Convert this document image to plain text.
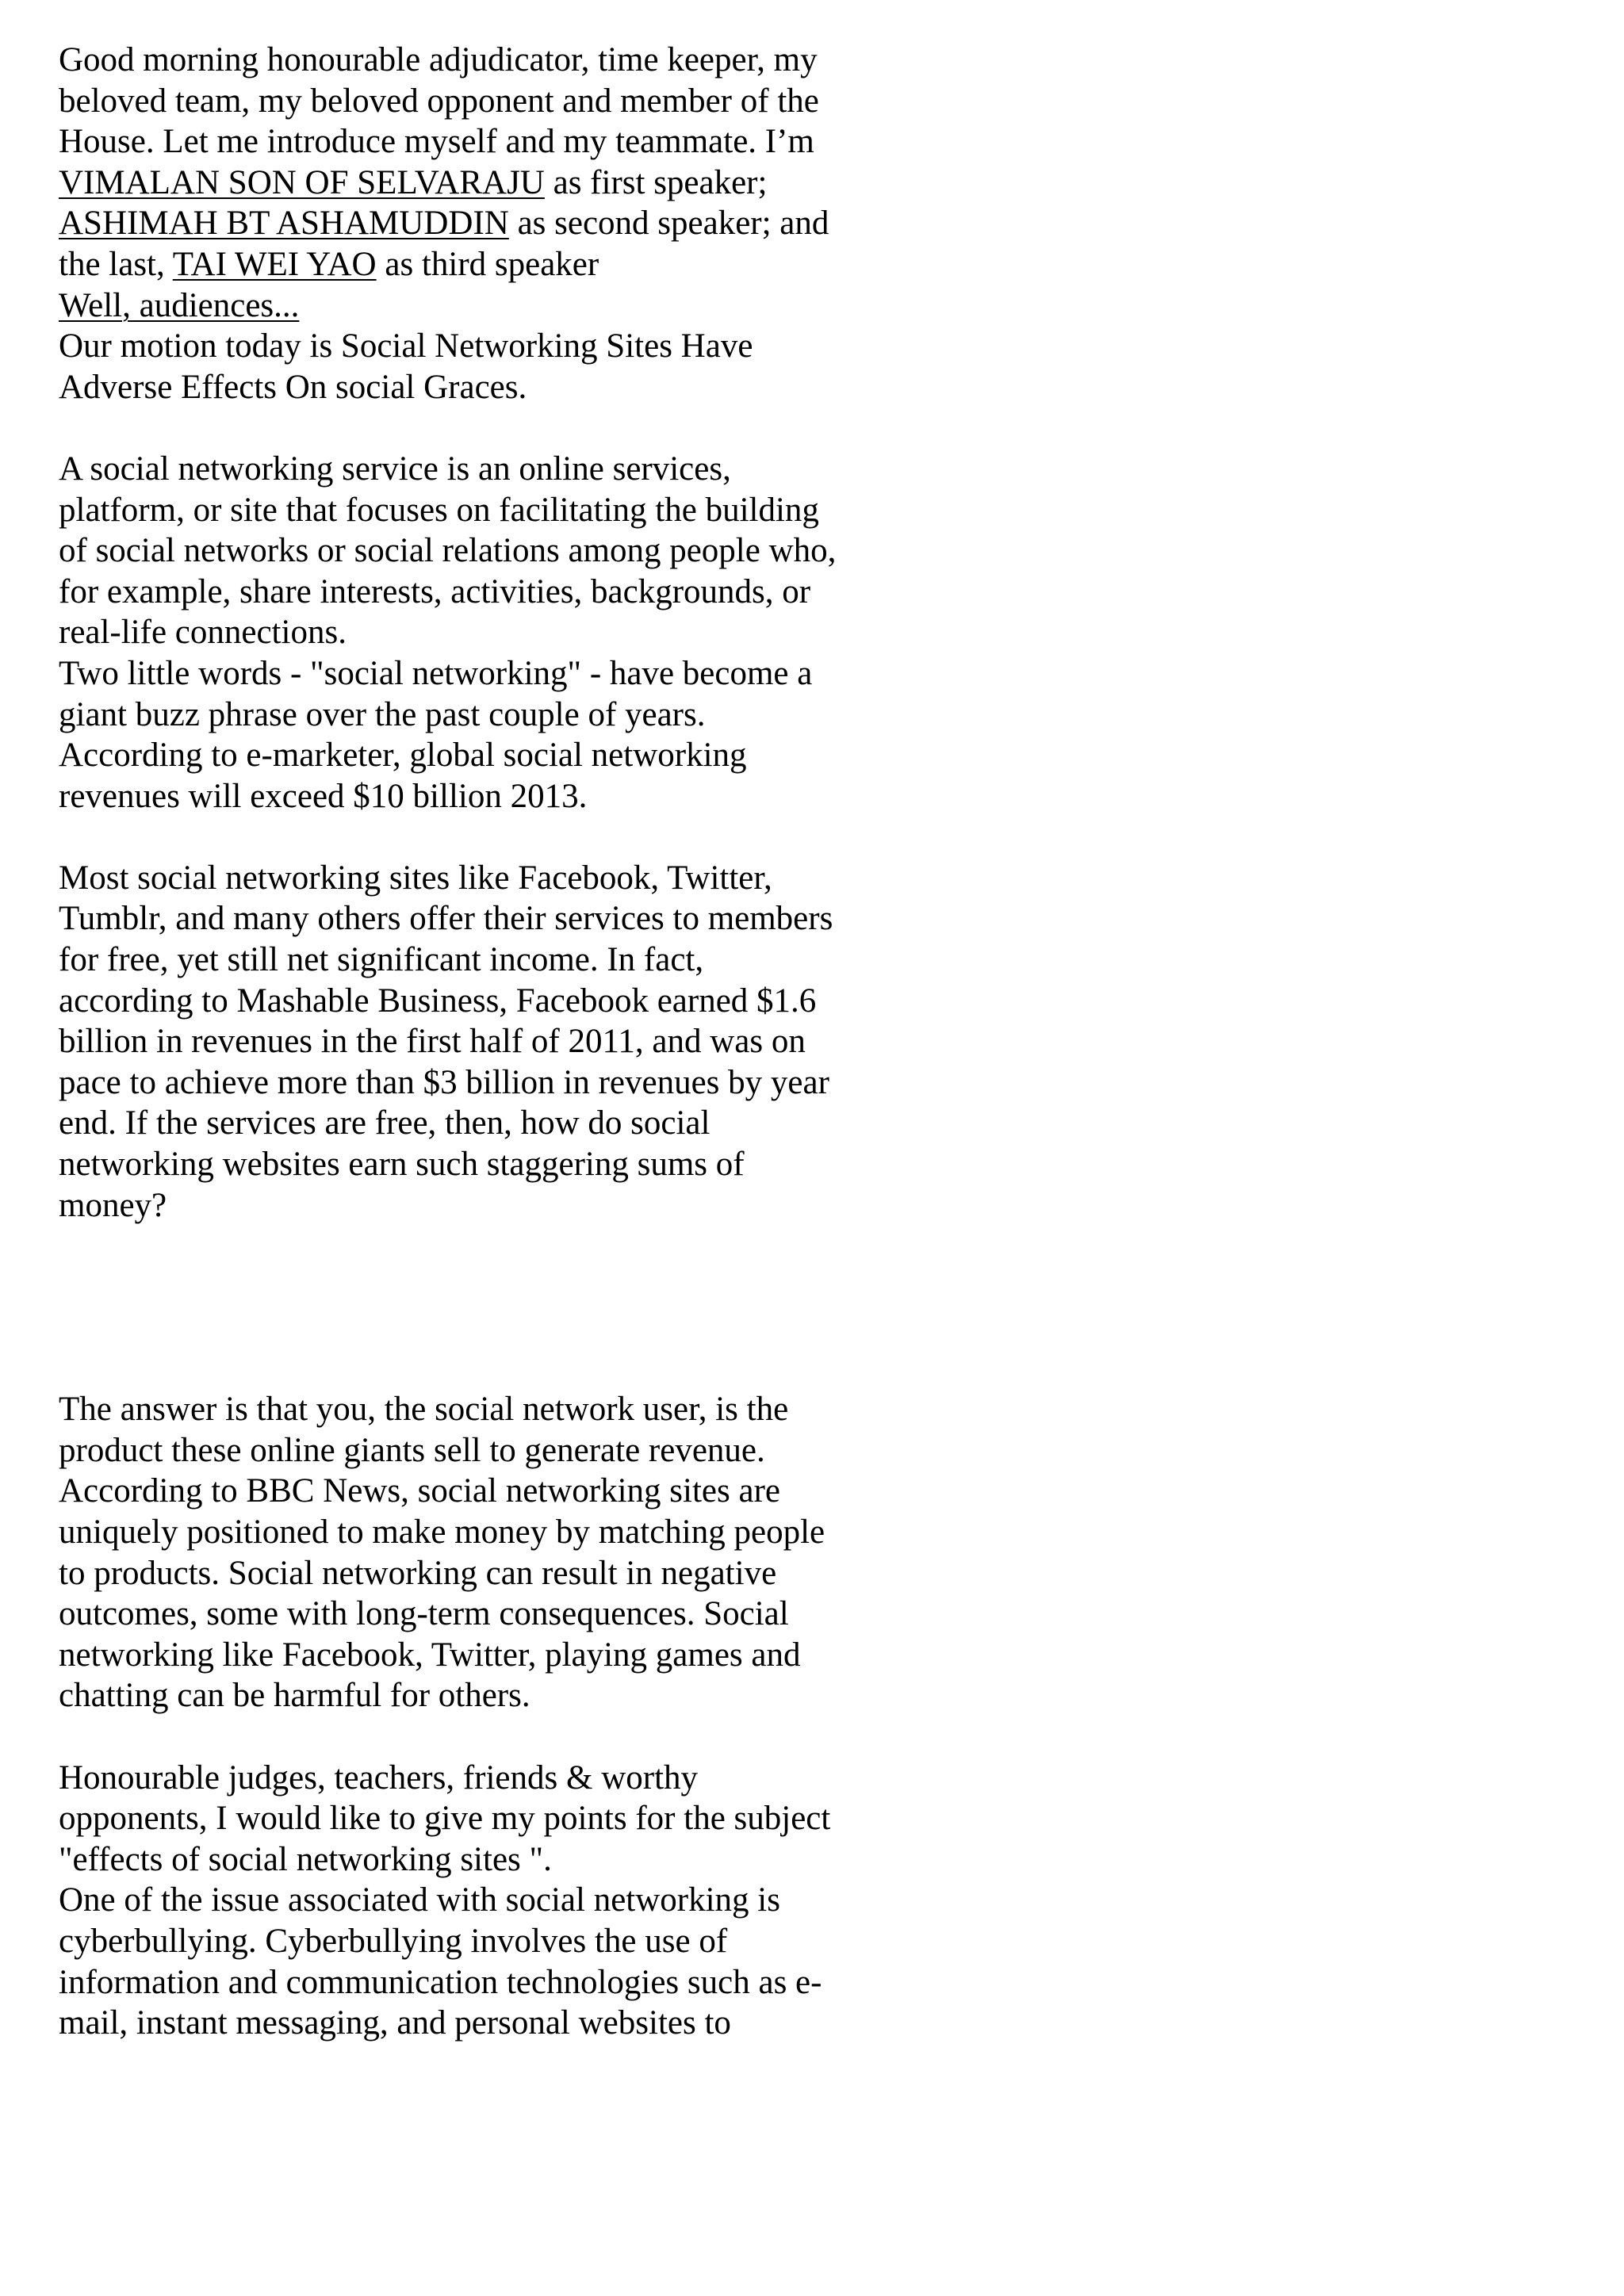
Good morning honourable adjudicator, time keeper, my
beloved team, my beloved opponent and member of the
House. Let me introduce myself and my teammate. I’m
VIMALAN SON OF SELVARAJU as first speaker;
ASHIMAH BT ASHAMUDDIN as second speaker; and
the last, TAI WEI YAO as third speaker
Well, audiences...
Our motion today is Social Networking Sites Have
Adverse Effects On social Graces.
A social networking service is an online services,
platform, or site that focuses on facilitating the building
of social networks or social relations among people who,
for example, share interests, activities, backgrounds, or
real-life connections.
Two little words - "social networking" - have become a
giant buzz phrase over the past couple of years.
According to e-marketer, global social networking
revenues will exceed $10 billion 2013.
Most social networking sites like Facebook, Twitter,
Tumblr, and many others offer their services to members
for free, yet still net significant income. In fact,
according to Mashable Business, Facebook earned $1.6
billion in revenues in the first half of 2011, and was on
pace to achieve more than $3 billion in revenues by year
end. If the services are free, then, how do social
networking websites earn such staggering sums of
money?
The answer is that you, the social network user, is the
product these online giants sell to generate revenue.
According to BBC News, social networking sites are
uniquely positioned to make money by matching people
to products. Social networking can result in negative
outcomes, some with long-term consequences. Social
networking like Facebook, Twitter, playing games and
chatting can be harmful for others.
Honourable judges, teachers, friends & worthy
opponents, I would like to give my points for the subject
"effects of social networking sites ".
One of the issue associated with social networking is
cyberbullying. Cyberbullying involves the use of
information and communication technologies such as e-
mail, instant messaging, and personal websites to
